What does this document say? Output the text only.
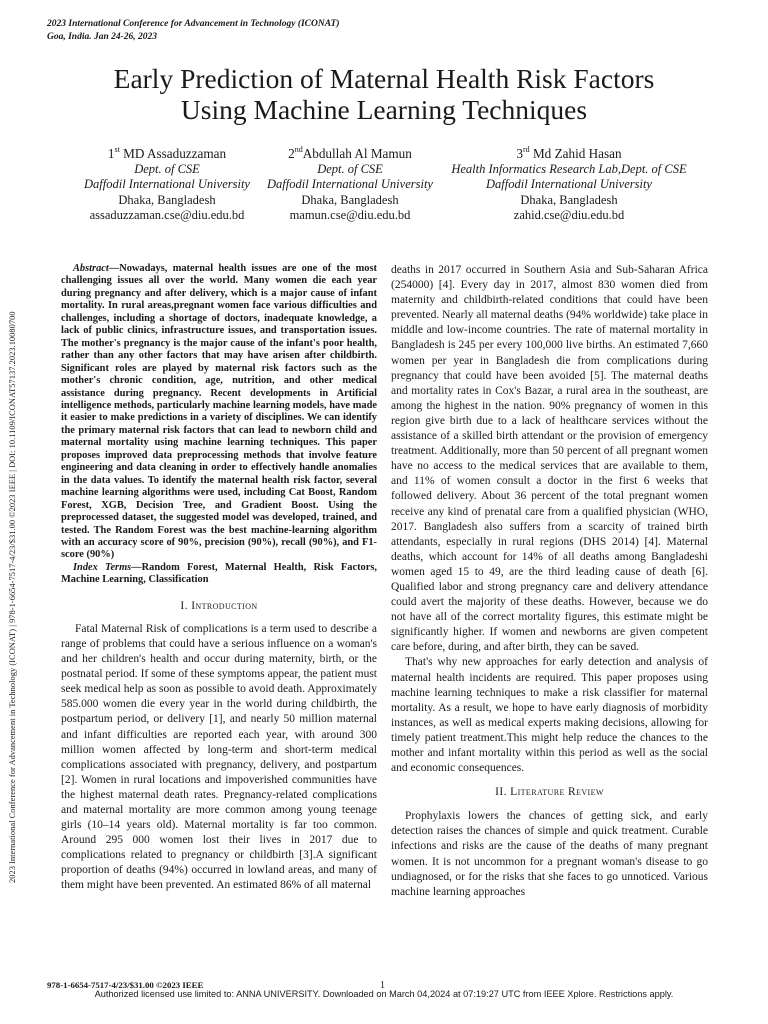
2023 International Conference for Advancement in Technology (ICONAT)
Goa, India. Jan 24-26, 2023
Early Prediction of Maternal Health Risk Factors
Using Machine Learning Techniques
1st MD Assaduzzaman
Dept. of CSE
Daffodil International University
Dhaka, Bangladesh
assaduzzaman.cse@diu.edu.bd
2ndAbdullah Al Mamun
Dept. of CSE
Daffodil International University
Dhaka, Bangladesh
mamun.cse@diu.edu.bd
3rd Md Zahid Hasan
Health Informatics Research Lab,Dept. of CSE
Daffodil International University
Dhaka, Bangladesh
zahid.cse@diu.edu.bd
2023 International Conference for Advancement in Technology (ICONAT) | 978-1-6654-7517-4/23/$31.00 ©2023 IEEE | DOI: 10.1109/ICONAT57137.2023.10080700

Abstract—Nowadays, maternal health issues are one of the most challenging issues all over the world. Many women die each year during pregnancy and after delivery, which is a major cause of infant mortality. In rural areas,pregnant women face various difficulties and challenges, including a shortage of doctors, inadequate knowledge, a lack of public clinics, infrastructure issues, and transportation issues. The mother's pregnancy is the major cause of the infant's poor health, rather than any other factors that may have arisen after childbirth. Significant roles are played by maternal risk factors such as the mother's chronic condition, age, nutrition, and other medical assistance during pregnancy. Recent developments in Artificial intelligence methods, particularly machine learning models, have made it easier to make predictions in a variety of disciplines. We can identify the primary maternal risk factors that can lead to newborn child and maternal mortality using machine learning techniques. This paper proposes improved data preprocessing methods that involve feature engineering and data cleaning in order to effectively handle anomalies in the data values. To identify the maternal health risk factor, several machine learning algorithms were used, including Cat Boost, Random Forest, XGB, Decision Tree, and Gradient Boost. Using the preprocessed dataset, the suggested model was developed, trained, and tested. The Random Forest was the best machine-learning algorithm with an accuracy score of 90%, precision (90%), recall (90%), and F1-score (90%)

Index Terms—Random Forest, Maternal Health, Risk Factors, Machine Learning, Classification

I. Introduction

Fatal Maternal Risk of complications is a term used to describe a range of problems that could have a serious influence on a woman's and her children's health and occur during maternity, birth, or the postnatal period. If some of these symptoms appear, the patient must seek medical help as soon as possible to avoid death. Approximately 585.000 women die every year in the world during childbirth, the postpartum period, or delivery [1], and nearly 50 million maternal and infant difficulties are reported each year, with around 300 million women affected by long-term and short-term medical complications associated with pregnancy, delivery, and postpartum [2]. Women in rural locations and impoverished communities have the highest maternal death rates. Pregnancy-related complications and maternal mortality are more common among young teenage girls (10–14 years old). Maternal mortality is far too common. Around 295 000 women lost their lives in 2017 due to complications related to pregnancy or childbirth [3].A significant proportion of deaths (94%) occurred in lowland areas, and many of them might have been prevented. An estimated 86% of all maternal

deaths in 2017 occurred in Southern Asia and Sub-Saharan Africa (254000) [4]. Every day in 2017, almost 830 women died from maternity and childbirth-related conditions that could have been prevented. Nearly all maternal deaths (94% worldwide) take place in middle and low-income countries. The rate of maternal mortality in Bangladesh is 245 per every 100,000 live births. An estimated 7,660 women per year in Bangladesh die from complications during pregnancy that could have been avoided [5]. The maternal deaths and mortality rates in Cox's Bazar, a rural area in the southeast, are among the highest in the nation. 90% pregnancy of women in this region give birth due to a lack of healthcare services without the assistance of a skilled birth attendant or the provision of emergency treatment. Additionally, more than 50 percent of all pregnant women have no access to the medical services that are available to them, and 11% of women consult a doctor in the first 6 weeks that followed delivery. About 36 percent of the total pregnant women receive any kind of prenatal care from a qualified physician (WHO, 2017. Bangladesh also suffers from a scarcity of trained birth attendants, especially in rural regions (DHS 2014) [4]. Maternal deaths, which account for 14% of all deaths among Bangladeshi women aged 15 to 49, are the third leading cause of death [6]. Qualified labor and strong pregnancy care and delivery attendance could avert the majority of these deaths. However, because we do not have all of the correct mortality figures, this estimate might be significantly higher. If women and newborns are given competent care before, during, and after birth, they can be saved.

That's why new approaches for early detection and analysis of maternal health incidents are required. This paper proposes using machine learning techniques to make a risk classifier for maternal mortality. As a result, we hope to have early diagnosis of morbidity instances, as well as medical experts making decisions, allowing for timely patient treatment.This might help reduce the chances to the mother and infant mortality within this period as well as the social and economic consequences.

II. Literature Review

Prophylaxis lowers the chances of getting sick, and early detection raises the chances of simple and quick treatment. Curable infections and risks are the cause of the deaths of many pregnant women. It is not uncommon for a pregnant woman's disease to go undiagnosed, or for the risks that she faces to go unnoticed. Various machine learning approaches

978-1-6654-7517-4/23/$31.00 ©2023 IEEE	1
Authorized licensed use limited to: ANNA UNIVERSITY. Downloaded on March 04,2024 at 07:19:27 UTC from IEEE Xplore. Restrictions apply.
